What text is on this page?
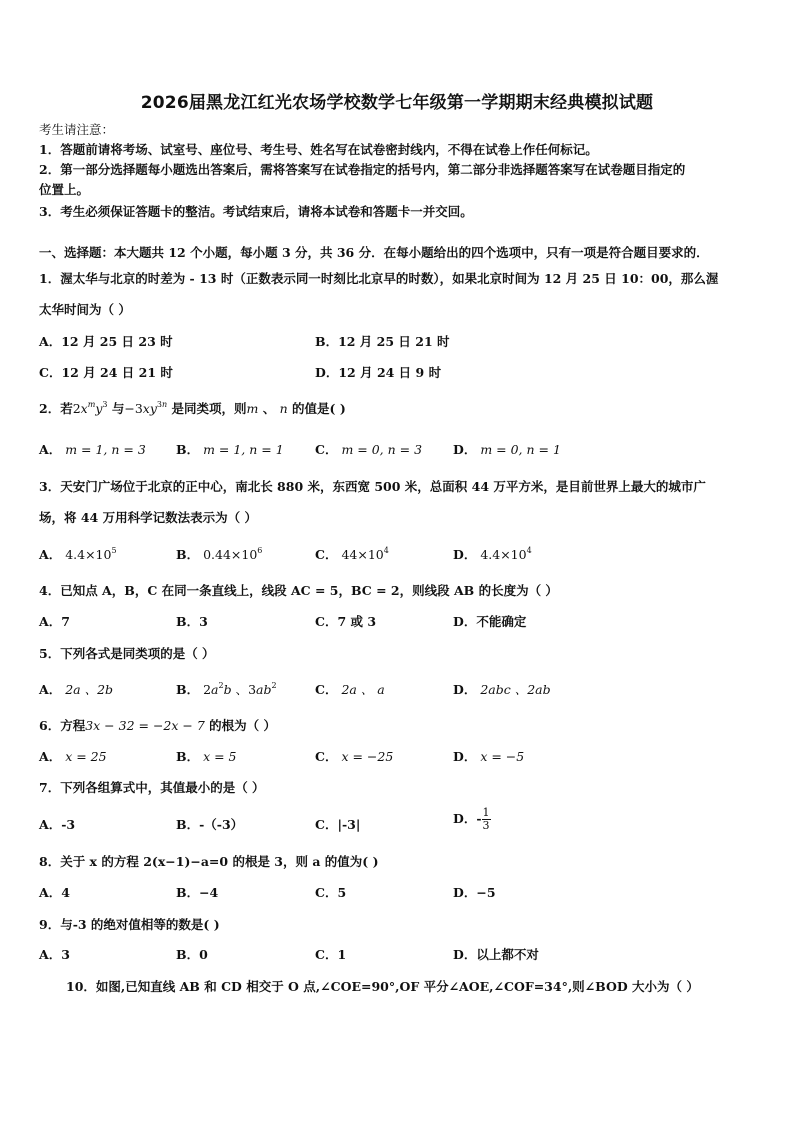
2026届黑龙江红光农场学校数学七年级第一学期期末经典模拟试题
考生请注意：
1．答题前请将考场、试室号、座位号、考生号、姓名写在试卷密封线内，不得在试卷上作任何标记。
2．第一部分选择题每小题选出答案后，需将答案写在试卷指定的括号内，第二部分非选择题答案写在试卷题目指定的
位置上。
3．考生必须保证答题卡的整洁。考试结束后，请将本试卷和答题卡一并交回。
一、选择题：本大题共 12 个小题，每小题 3 分，共 36 分．在每小题给出的四个选项中，只有一项是符合题目要求的．
1．渥太华与北京的时差为 - 13 时（正数表示同一时刻比北京早的时数），如果北京时间为 12 月 25 日 10：00，那么渥
太华时间为（ ）
A．12 月 25 日 23 时	B．12 月 25 日 21 时
C．12 月 24 日 21 时	D．12 月 24 日 9 时
2．若$2x^my^3$ 与$-3xy^{3n}$ 是同类项，则m 、 n 的值是( )
A． m = 1, n = 3 B． m = 1, n = 1	C． m = 0, n = 3 D． m = 0, n = 1
3．天安门广场位于北京的正中心，南北长 880 米，东西宽 500 米，总面积 44 万平方米，是目前世界上最大的城市广
场，将 44 万用科学记数法表示为（ ）
A． $4.4\times 10^5$	B． $0.44\times 10^6$	C． $44\times 10^4$	D． $4.4\times 10^4$
4．已知点 A，B，C 在同一条直线上，线段 AC = 5，BC = 2，则线段 AB 的长度为（ ）
A．7	B．3	C．7 或 3	D．不能确定
5．下列各式是同类项的是（ ）
A． 2a 、2b	B． $2a^2b$ 、$3ab^2$	C． 2a 、 a	D． 2abc 、2ab
6．方程3x − 32 = −2x − 7 的根为（ ）
A． x = 25	B． x = 5	C． x = −25	D． x = −5
7．下列各组算式中，其值最小的是（ ）
A．-3	B．-（-3）	C．|-3|	D．- $\frac{1}{3}$
8．关于 x 的方程 2(x−1)−a=0 的根是 3，则 a 的值为( )
A．4	B．−4	C．5	D．−5
9．与-3 的绝对值相等的数是( )
A．3	B．0	C．1	D．以上都不对
10．如图,已知直线 AB 和 CD 相交于 O 点,∠COE=90°,OF 平分∠AOE,∠COF=34°,则∠BOD 大小为（ ）
